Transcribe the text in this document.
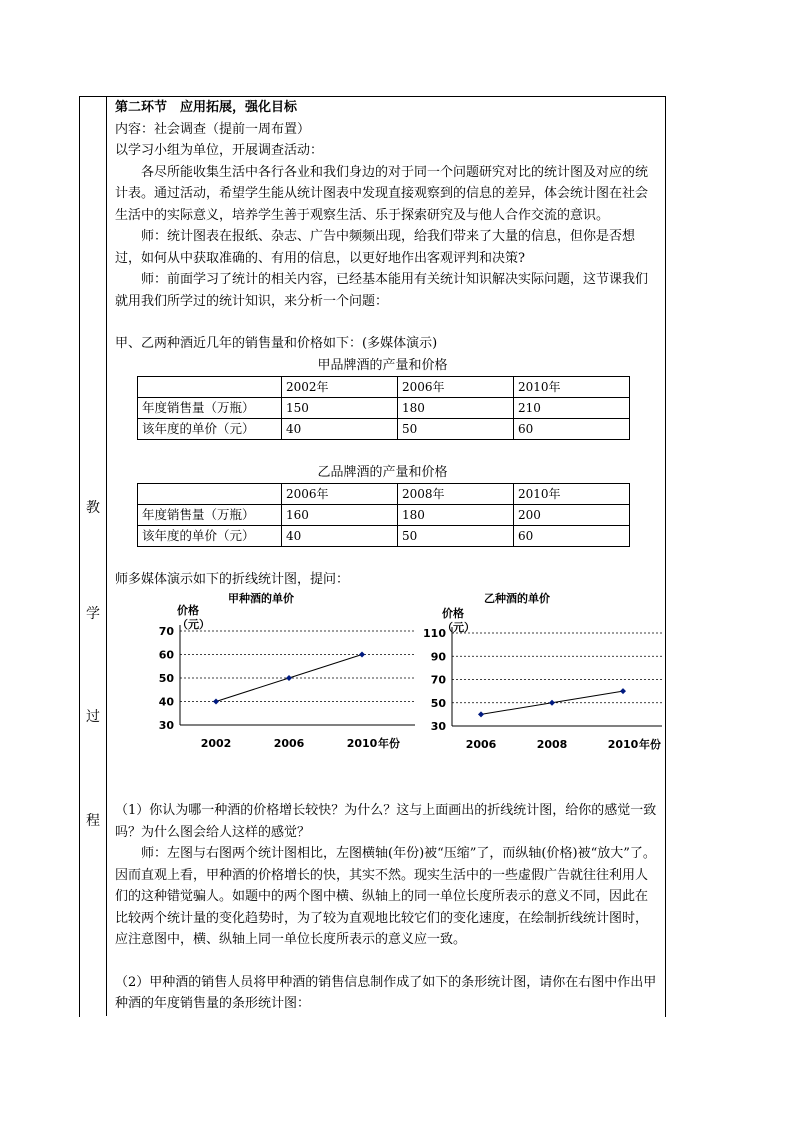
教
学
过
程

第二环节　应用拓展，强化目标

内容：社会调查（提前一周布置）

以学习小组为单位，开展调查活动：

各尽所能收集生活中各行各业和我们身边的对于同一个问题研究对比的统计图及对应的统计表。通过活动，希望学生能从统计图表中发现直接观察到的信息的差异，体会统计图在社会生活中的实际意义，培养学生善于观察生活、乐于探索研究及与他人合作交流的意识。

师：统计图表在报纸、杂志、广告中频频出现，给我们带来了大量的信息，但你是否想过，如何从中获取准确的、有用的信息，以更好地作出客观评判和决策?

师：前面学习了统计的相关内容，已经基本能用有关统计知识解决实际问题，这节课我们就用我们所学过的统计知识，来分析一个问题：

甲、乙两种酒近几年的销售量和价格如下：(多媒体演示)

甲品牌酒的产量和价格
	2002年	2006年	2010年
年度销售量（万瓶）	150	180	210
该年度的单价（元）	40	50	60
乙品牌酒的产量和价格
	2006年	2008年	2010年
年度销售量（万瓶）	160	180	200
该年度的单价（元）	40	50	60

师多媒体演示如下的折线统计图，提问：

甲种酒的单价
价格
（元）
30
40
50
60
70
2002	2006	2010 年份
乙种酒的单价
价格
（元）
30
50
70
90
110
2006	2008	2010 年份

（1）你认为哪一种酒的价格增长较快？为什么？这与上面画出的折线统计图，给你的感觉一致吗？为什么图会给人这样的感觉？

师：左图与右图两个统计图相比，左图横轴(年份)被“压缩”了，而纵轴(价格)被“放大”了。因而直观上看，甲种酒的价格增长的快，其实不然。现实生活中的一些虚假广告就往往利用人们的这种错觉骗人。如题中的两个图中横、纵轴上的同一单位长度所表示的意义不同，因此在比较两个统计量的变化趋势时，为了较为直观地比较它们的变化速度，在绘制折线统计图时，应注意图中，横、纵轴上同一单位长度所表示的意义应一致。

（2）甲种酒的销售人员将甲种酒的销售信息制作成了如下的条形统计图，请你在右图中作出甲种酒的年度销售量的条形统计图：
